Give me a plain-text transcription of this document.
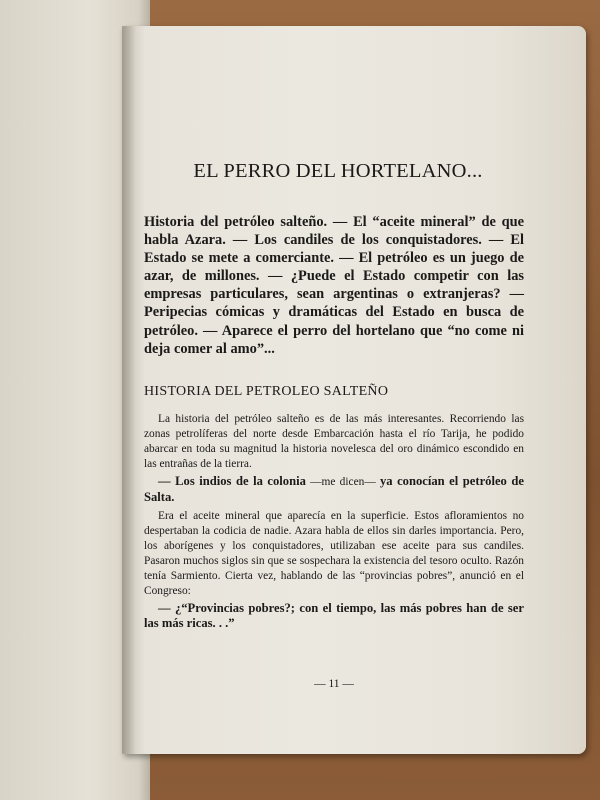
EL PERRO DEL HORTELANO...

Historia del petróleo salteño. — El “aceite mineral” de que habla Azara. — Los candiles de los conquistadores. — El Estado se mete a comerciante. — El petróleo es un juego de azar, de millones. — ¿Puede el Estado competir con las empresas particulares, sean argentinas o extranjeras? — Peripecias cómicas y dramáticas del Estado en busca de petróleo. — Aparece el perro del hortelano que “no come ni deja comer al amo”...

HISTORIA DEL PETROLEO SALTEÑO

La historia del petróleo salteño es de las más interesantes. Recorriendo las zonas petrolíferas del norte desde Embarcación hasta el río Tarija, he podido abarcar en toda su magnitud la historia novelesca del oro dinámico escondido en las entrañas de la tierra.

— Los indios de la colonia —me dicen— ya conocían el petróleo de Salta.

Era el aceite mineral que aparecía en la superficie. Estos afloramientos no despertaban la codicia de nadie. Azara habla de ellos sin darles importancia. Pero, los aborígenes y los conquistadores, utilizaban ese aceite para sus candiles. Pasaron muchos siglos sin que se sospechara la existencia del tesoro oculto. Razón tenía Sarmiento. Cierta vez, hablando de las “provincias pobres”, anunció en el Congreso:

— ¿“Provincias pobres?; con el tiempo, las más pobres han de ser las más ricas. . .”

— 11 —
